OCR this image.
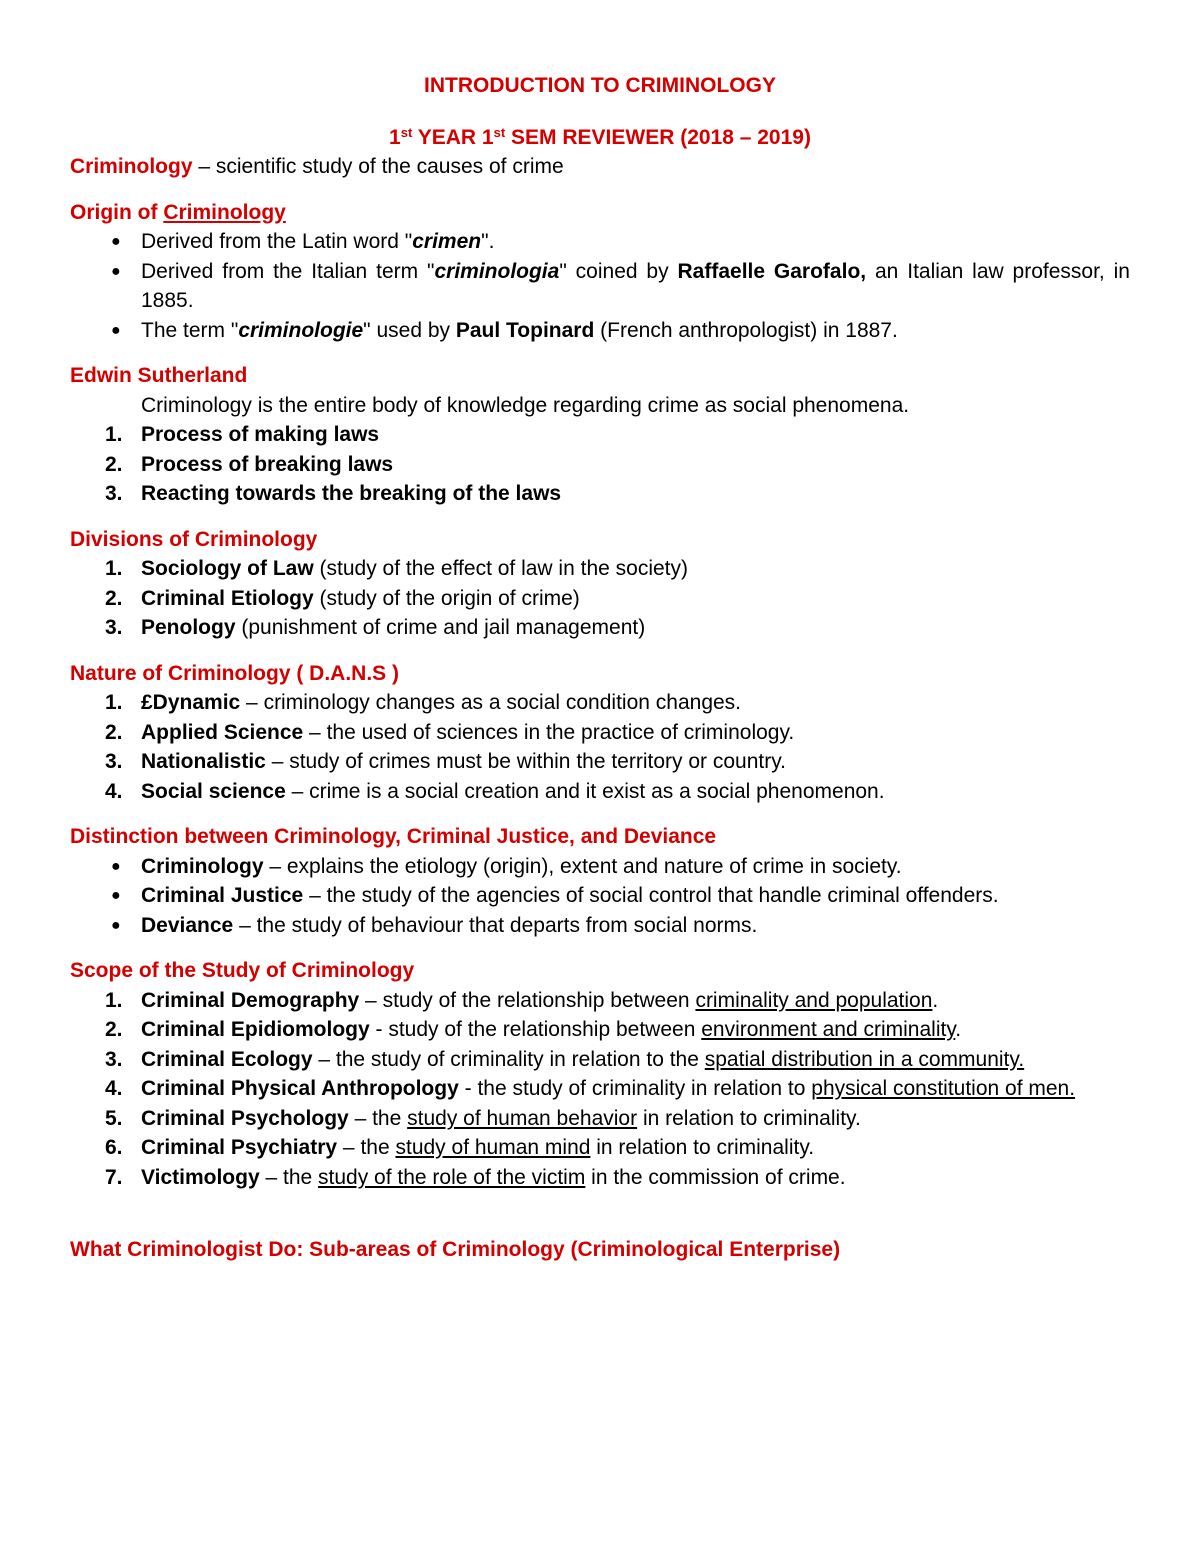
INTRODUCTION TO CRIMINOLOGY

1st YEAR 1st SEM REVIEWER (2018 – 2019)

Criminology – scientific study of the causes of crime

Origin of Criminology

● Derived from the Latin word "crimen".
● Derived from the Italian term "criminologia" coined by Raffaelle Garofalo, an Italian law professor, in 1885.
● The term "criminologie" used by Paul Topinard (French anthropologist) in 1887.

Edwin Sutherland

Criminology is the entire body of knowledge regarding crime as social phenomena.

1. Process of making laws
2. Process of breaking laws
3. Reacting towards the breaking of the laws

Divisions of Criminology

1. Sociology of Law (study of the effect of law in the society)
2. Criminal Etiology (study of the origin of crime)
3. Penology (punishment of crime and jail management)

Nature of Criminology ( D.A.N.S )

1. £Dynamic – criminology changes as a social condition changes.
2. Applied Science – the used of sciences in the practice of criminology.
3. Nationalistic – study of crimes must be within the territory or country.
4. Social science – crime is a social creation and it exist as a social phenomenon.

Distinction between Criminology, Criminal Justice, and Deviance

● Criminology – explains the etiology (origin), extent and nature of crime in society.
● Criminal Justice – the study of the agencies of social control that handle criminal offenders.
● Deviance – the study of behaviour that departs from social norms.

Scope of the Study of Criminology

1. Criminal Demography – study of the relationship between criminality and population.
2. Criminal Epidiomology - study of the relationship between environment and criminality.
3. Criminal Ecology – the study of criminality in relation to the spatial distribution in a community.
4. Criminal Physical Anthropology - the study of criminality in relation to physical constitution of men.
5. Criminal Psychology – the study of human behavior in relation to criminality.
6. Criminal Psychiatry – the study of human mind in relation to criminality.
7. Victimology – the study of the role of the victim in the commission of crime.

What Criminologist Do: Sub-areas of Criminology (Criminological Enterprise)
